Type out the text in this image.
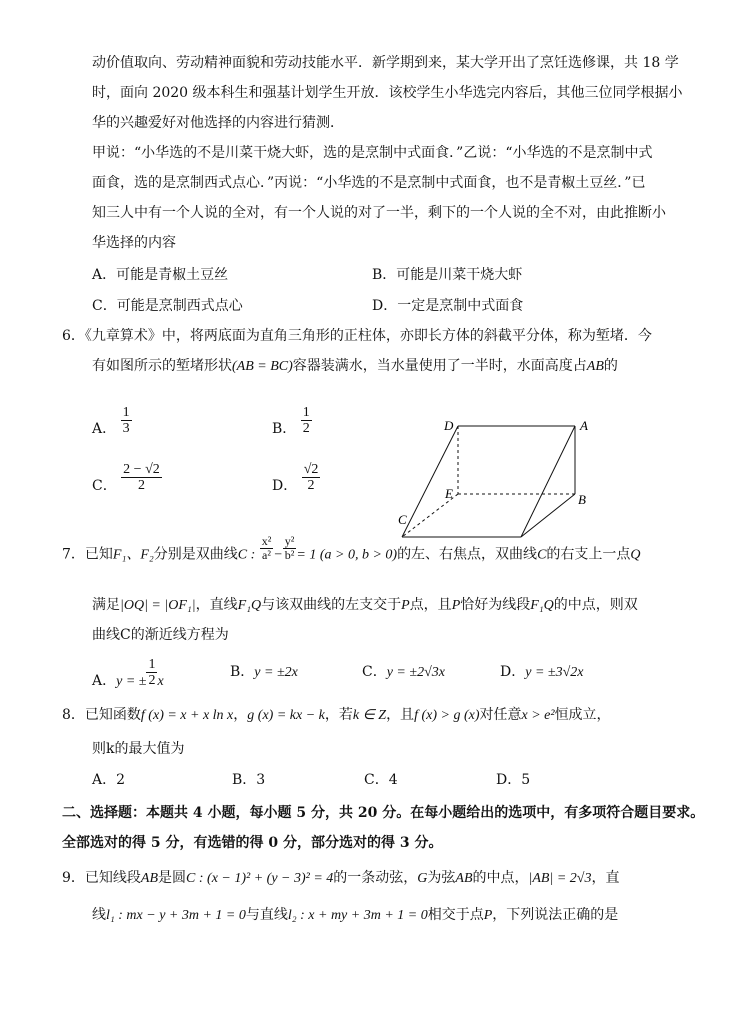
动价值取向、劳动精神面貌和劳动技能水平．新学期到来，某大学开出了烹饪选修课，共 18 学
时，面向 2020 级本科生和强基计划学生开放．该校学生小华选完内容后，其他三位同学根据小
华的兴趣爱好对他选择的内容进行猜测．
甲说：“小华选的不是川菜干烧大虾，选的是烹制中式面食．”乙说：“小华选的不是烹制中式
面食，选的是烹制西式点心．”丙说：“小华选的不是烹制中式面食，也不是青椒土豆丝．”已
知三人中有一个人说的全对，有一个人说的对了一半，剩下的一个人说的全不对，由此推断小
华选择的内容
A．可能是青椒土豆丝	B．可能是川菜干烧大虾
C．可能是烹制西式点心	D．一定是烹制中式面食
6．《九章算术》中，将两底面为直角三角形的正柱体，亦即长方体的斜截平分体，称为堑堵．今
有如图所示的堑堵形状(AB = BC)容器装满水，当水量使用了一半时，水面高度占AB的
A． $\frac{1}{3}$	B． $\frac{1}{2}$
C． $\frac{2 - √2}{2}$	D． $\frac{√2}{2}$
D	A
E	B
C
7．已知F₁、F₂分别是双曲线C : $\frac{\text{x²}}{\text{a²}} - \frac{\text{y²}}{\text{b²}} = 1$ (a > 0, b > 0)的左、右焦点，双曲线C的右支上一点Q
满足|OQ| = |OF₁|，直线F₁Q与该双曲线的左支交于P点，且P恰好为线段F₁Q的中点，则双
曲线C的渐近线方程为
A．y = ± $\frac{1}{2}$ x
B．y = ±2x	C．y = ±2√3x	D．y = ±3√2x
8．已知函数f (x) = x + x ln x，g (x) = kx − k，若k ∈ Z，且f (x) > g (x)对任意x > e²恒成立，
则k的最大值为
A．2	B．3	C．4	D．5
二、选择题：本题共 4 小题，每小题 5 分，共 20 分。在每小题给出的选项中，有多项符合题目要求。
全部选对的得 5 分，有选错的得 0 分，部分选对的得 3 分。
9．已知线段AB是圆C : (x − 1)² + (y − 3)² = 4的一条动弦，G为弦AB的中点，|AB| = 2√3，直
线l₁ : mx − y + 3m + 1 = 0与直线l₂ : x + my + 3m + 1 = 0相交于点P，下列说法正确的是
